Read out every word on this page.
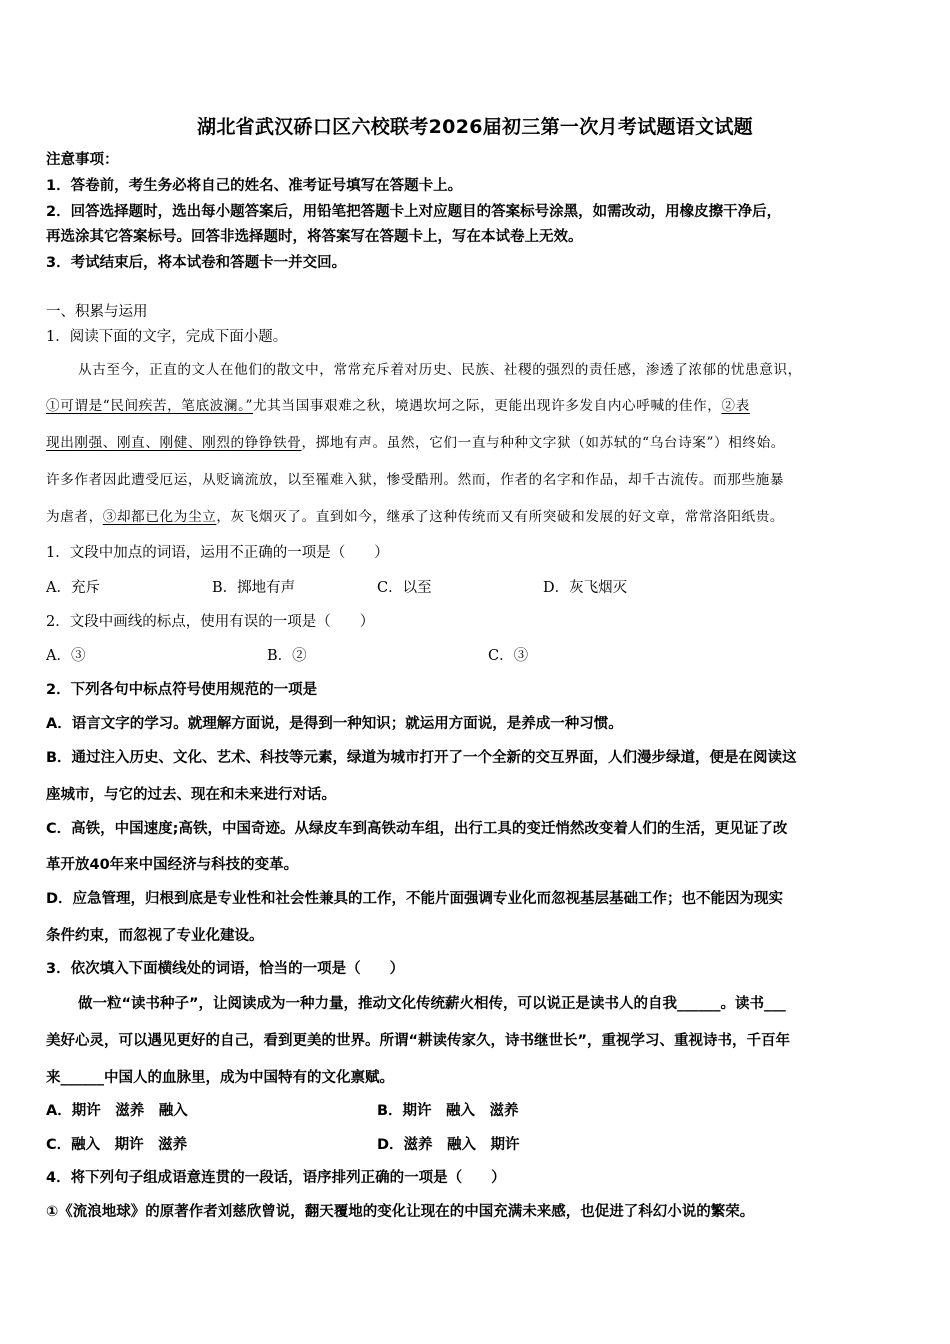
湖北省武汉硚口区六校联考2026届初三第一次月考试题语文试题
注意事项：
1．答卷前，考生务必将自己的姓名、准考证号填写在答题卡上。
2．回答选择题时，选出每小题答案后，用铅笔把答题卡上对应题目的答案标号涂黑，如需改动，用橡皮擦干净后，
再选涂其它答案标号。回答非选择题时，将答案写在答题卡上，写在本试卷上无效。
3．考试结束后，将本试卷和答题卡一并交回。
一、积累与运用
1．阅读下面的文字，完成下面小题。
从古至今，正直的文人在他们的散文中，常常充斥着对历史、民族、社稷的强烈的责任感，渗透了浓郁的忧患意识，
①可谓是“民间疾苦，笔底波澜。”尤其当国事艰难之秋，境遇坎坷之际，更能出现许多发自内心呼喊的佳作，②表
现出刚强、刚直、刚健、刚烈的铮铮铁骨，掷地有声。虽然，它们一直与种种文字狱（如苏轼的“乌台诗案”）相终始。
许多作者因此遭受厄运，从贬谪流放，以至罹难入狱，惨受酷刑。然而，作者的名字和作品，却千古流传。而那些施暴
为虐者，③却都已化为尘立，灰飞烟灭了。直到如今，继承了这种传统而又有所突破和发展的好文章，常常洛阳纸贵。
1．文段中加点的词语，运用不正确的一项是（　　）
A．充斥	B．掷地有声	C．以至	D．灰飞烟灭
2．文段中画线的标点，使用有误的一项是（　　）
A．③	B．②	C．③
2．下列各句中标点符号使用规范的一项是
A．语言文字的学习。就理解方面说，是得到一种知识；就运用方面说，是养成一种习惯。
B．通过注入历史、文化、艺术、科技等元素，绿道为城市打开了一个全新的交互界面，人们漫步绿道，便是在阅读这
座城市，与它的过去、现在和未来进行对话。
C．高铁，中国速度;高铁，中国奇迹。从绿皮车到高铁动车组，出行工具的变迁悄然改变着人们的生活，更见证了改
革开放40年来中国经济与科技的变革。
D．应急管理，归根到底是专业性和社会性兼具的工作，不能片面强调专业化而忽视基层基础工作；也不能因为现实
条件约束，而忽视了专业化建设。
3．依次填入下面横线处的词语，恰当的一项是（　　）
做一粒“读书种子”，让阅读成为一种力量，推动文化传统薪火相传，可以说正是读书人的自我______。读书___
美好心灵，可以遇见更好的自己，看到更美的世界。所谓“耕读传家久，诗书继世长”，重视学习、重视诗书，千百年
来______中国人的血脉里，成为中国特有的文化禀赋。
A．期许　滋养　融入	B．期许　融入　滋养
C．融入　期许　滋养	D．滋养　融入　期许
4．将下列句子组成语意连贯的一段话，语序排列正确的一项是（　　）
①《流浪地球》的原著作者刘慈欣曾说，翻天覆地的变化让现在的中国充满未来感，也促进了科幻小说的繁荣。
